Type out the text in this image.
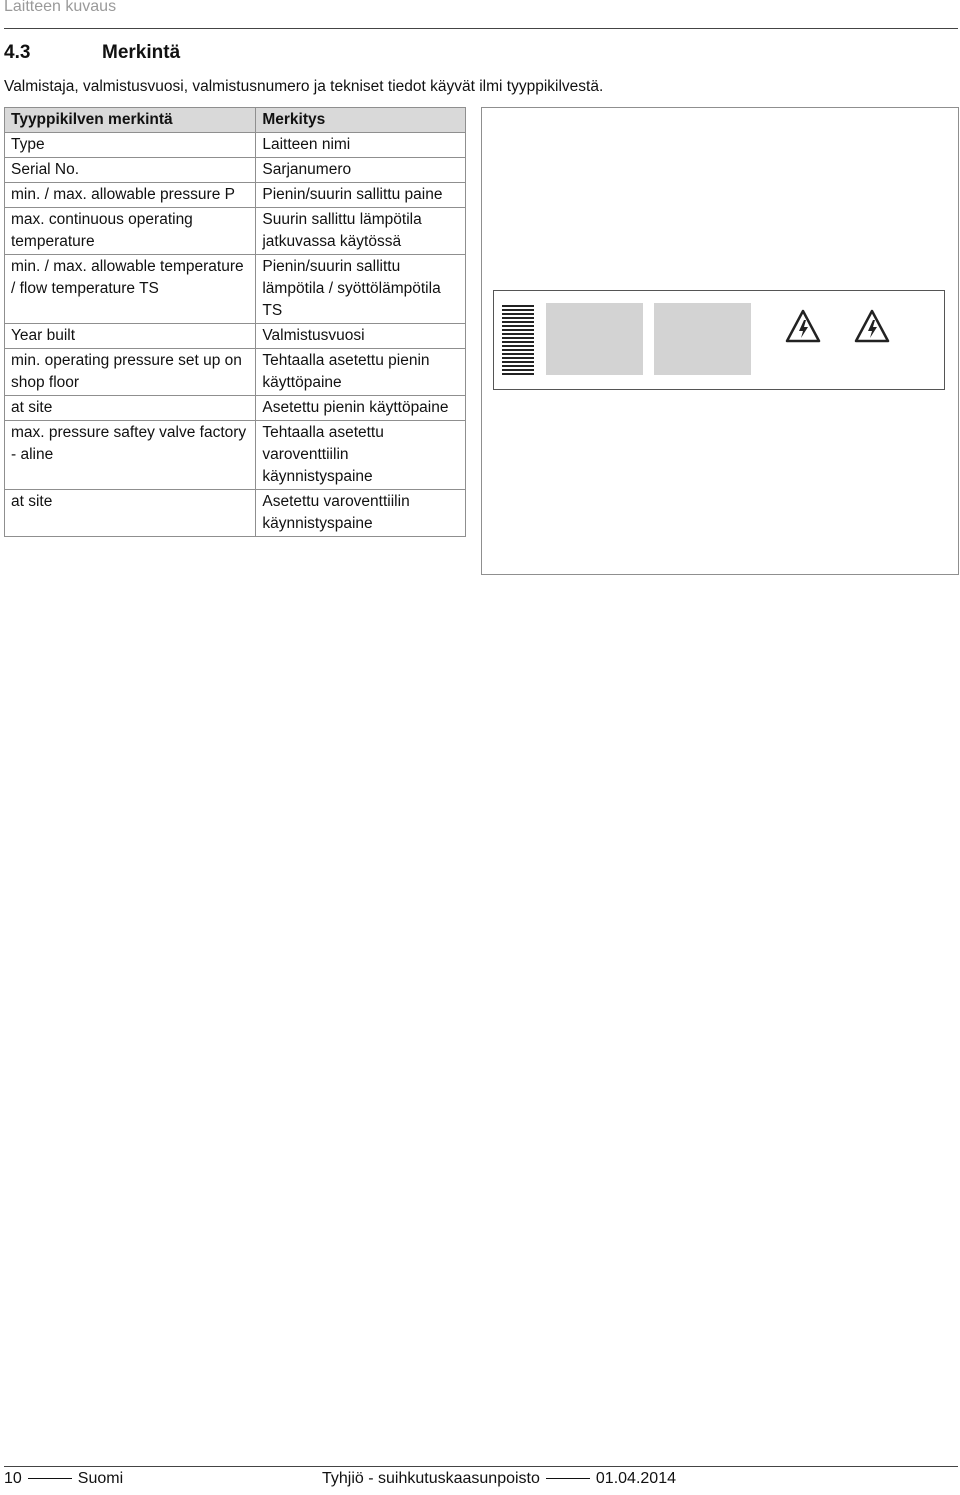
Laitteen kuvaus
4.3	Merkintä
Valmistaja, valmistusvuosi, valmistusnumero ja tekniset tiedot käyvät ilmi tyyppikilvestä.
Tyyppikilven merkintä	Merkitys
Type	Laitteen nimi
Serial No.	Sarjanumero
min. / max. allowable pressure P	Pienin/suurin sallittu paine
max. continuous operating temperature	Suurin sallittu lämpötila jatkuvassa käytössä
min. / max. allowable temperature / flow temperature TS	Pienin/suurin sallittu lämpötila / syöttölämpötila TS
Year built	Valmistusvuosi
min. operating pressure set up on shop floor	Tehtaalla asetettu pienin käyttöpaine
at site	Asetettu pienin käyttöpaine
max. pressure saftey valve factory - aline	Tehtaalla asetettu varoventtiilin käynnistyspaine
at site	Asetettu varoventtiilin käynnistyspaine
10	Suomi	Tyhjiö - suihkutuskaasunpoisto	01.04.2014
